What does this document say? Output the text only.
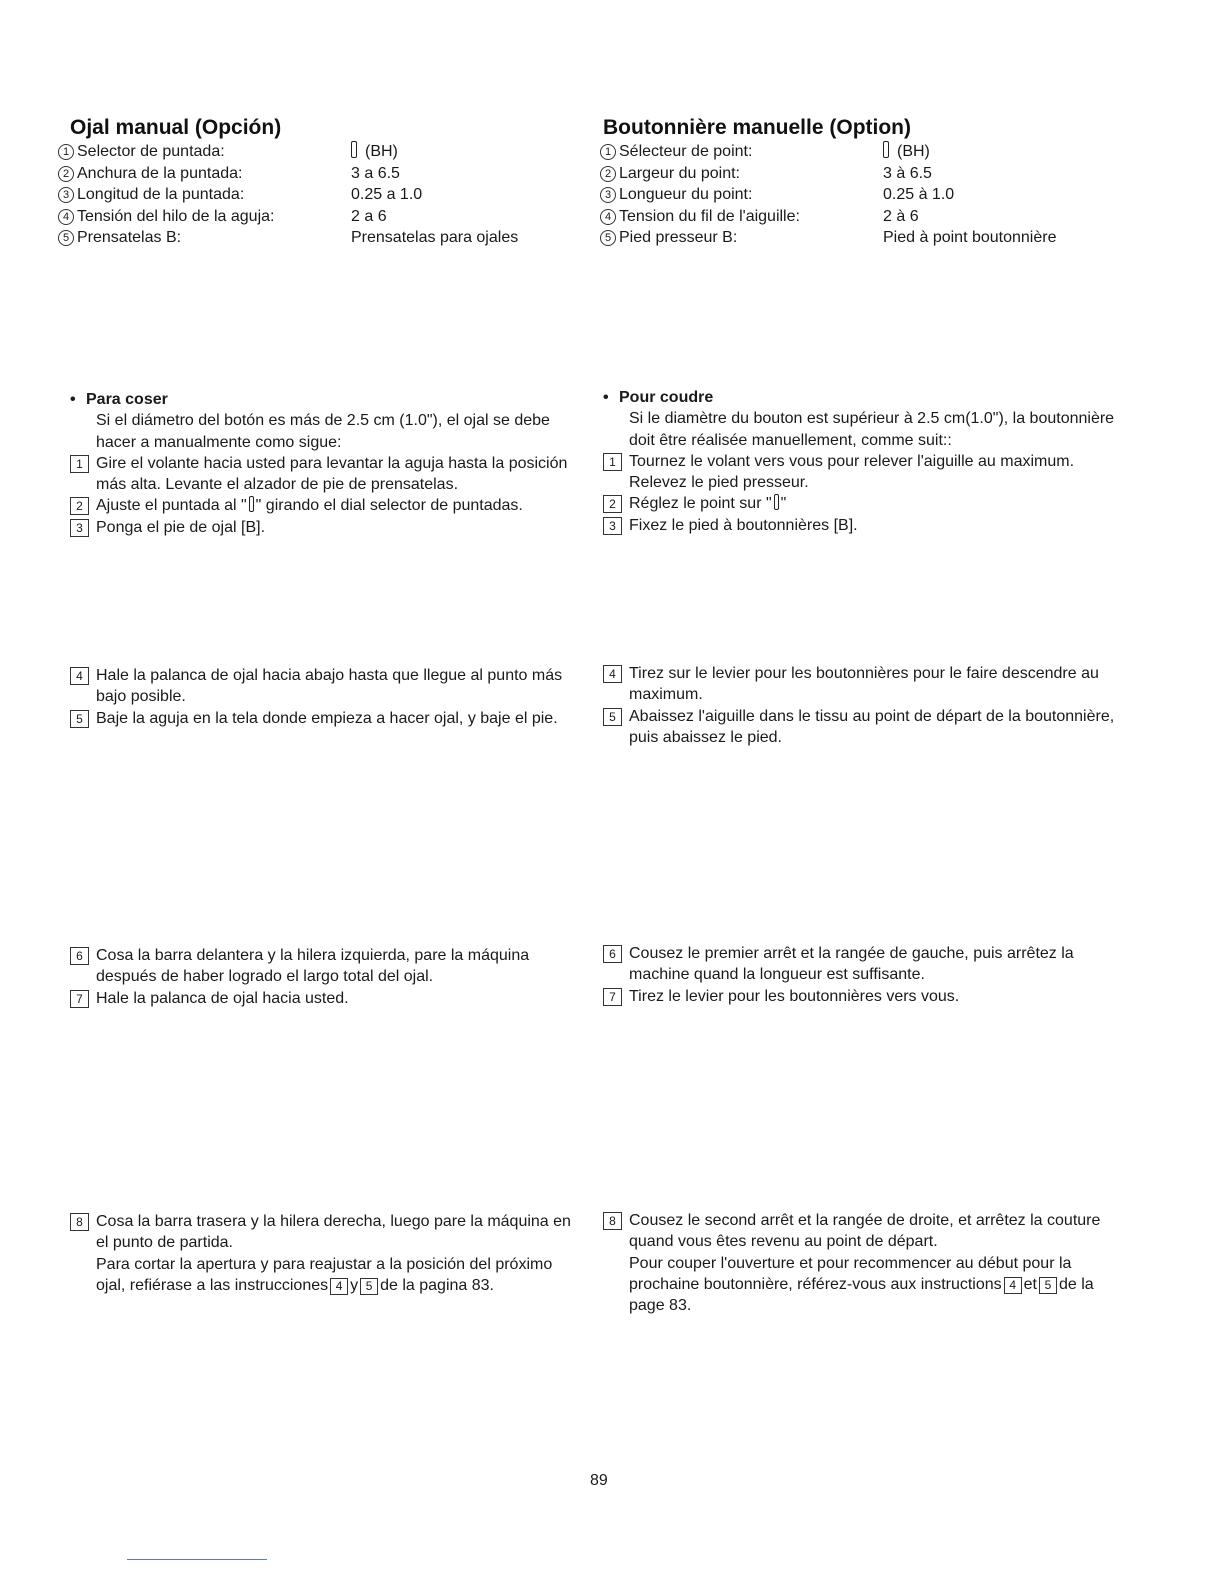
Ojal manual (Opción)
1 Selector de puntada:	(BH)
2 Anchura de la puntada:	3 a 6.5
3 Longitud de la puntada:	0.25 a 1.0
4 Tensión del hilo de la aguja:	2 a 6
5 Prensatelas B:	Prensatelas para ojales
• Para coser
Si el diámetro del botón es más de 2.5 cm (1.0"), el ojal se debe hacer a manualmente como sigue:
1 Gire el volante hacia usted para levantar la aguja hasta la posición más alta. Levante el alzador de pie de prensatelas.
2 Ajuste el puntada al " " girando el dial selector de puntadas.
3 Ponga el pie de ojal [B].
4 Hale la palanca de ojal hacia abajo hasta que llegue al punto más bajo posible.
5 Baje la aguja en la tela donde empieza a hacer ojal, y baje el pie.
6 Cosa la barra delantera y la hilera izquierda, pare la máquina después de haber logrado el largo total del ojal.
7 Hale la palanca de ojal hacia usted.
8 Cosa la barra trasera y la hilera derecha, luego pare la máquina en el punto de partida.
Para cortar la apertura y para reajustar a la posición del próximo ojal, refiérase a las instrucciones 4 y 5 de la pagina 83.
Boutonnière manuelle (Option)
1 Sélecteur de point:	(BH)
2 Largeur du point:	3 à 6.5
3 Longueur du point:	0.25 à 1.0
4 Tension du fil de l'aiguille:	2 à 6
5 Pied presseur B:	Pied à point boutonnière
• Pour coudre
Si le diamètre du bouton est supérieur à 2.5 cm(1.0"), la boutonnière doit être réalisée manuellement, comme suit::
1 Tournez le volant vers vous pour relever l'aiguille au maximum. Relevez le pied presseur.
2 Réglez le point sur " "
3 Fixez le pied à boutonnières [B].
4 Tirez sur le levier pour les boutonnières pour le faire descendre au maximum.
5 Abaissez l'aiguille dans le tissu au point de départ de la boutonnière, puis abaissez le pied.
6 Cousez le premier arrêt et la rangée de gauche, puis arrêtez la machine quand la longueur est suffisante.
7 Tirez le levier pour les boutonnières vers vous.
8 Cousez le second arrêt et la rangée de droite, et arrêtez la couture quand vous êtes revenu au point de départ.
Pour couper l'ouverture et pour recommencer au début pour la prochaine boutonnière, référez-vous aux instructions 4 et 5 de la page 83.
89
